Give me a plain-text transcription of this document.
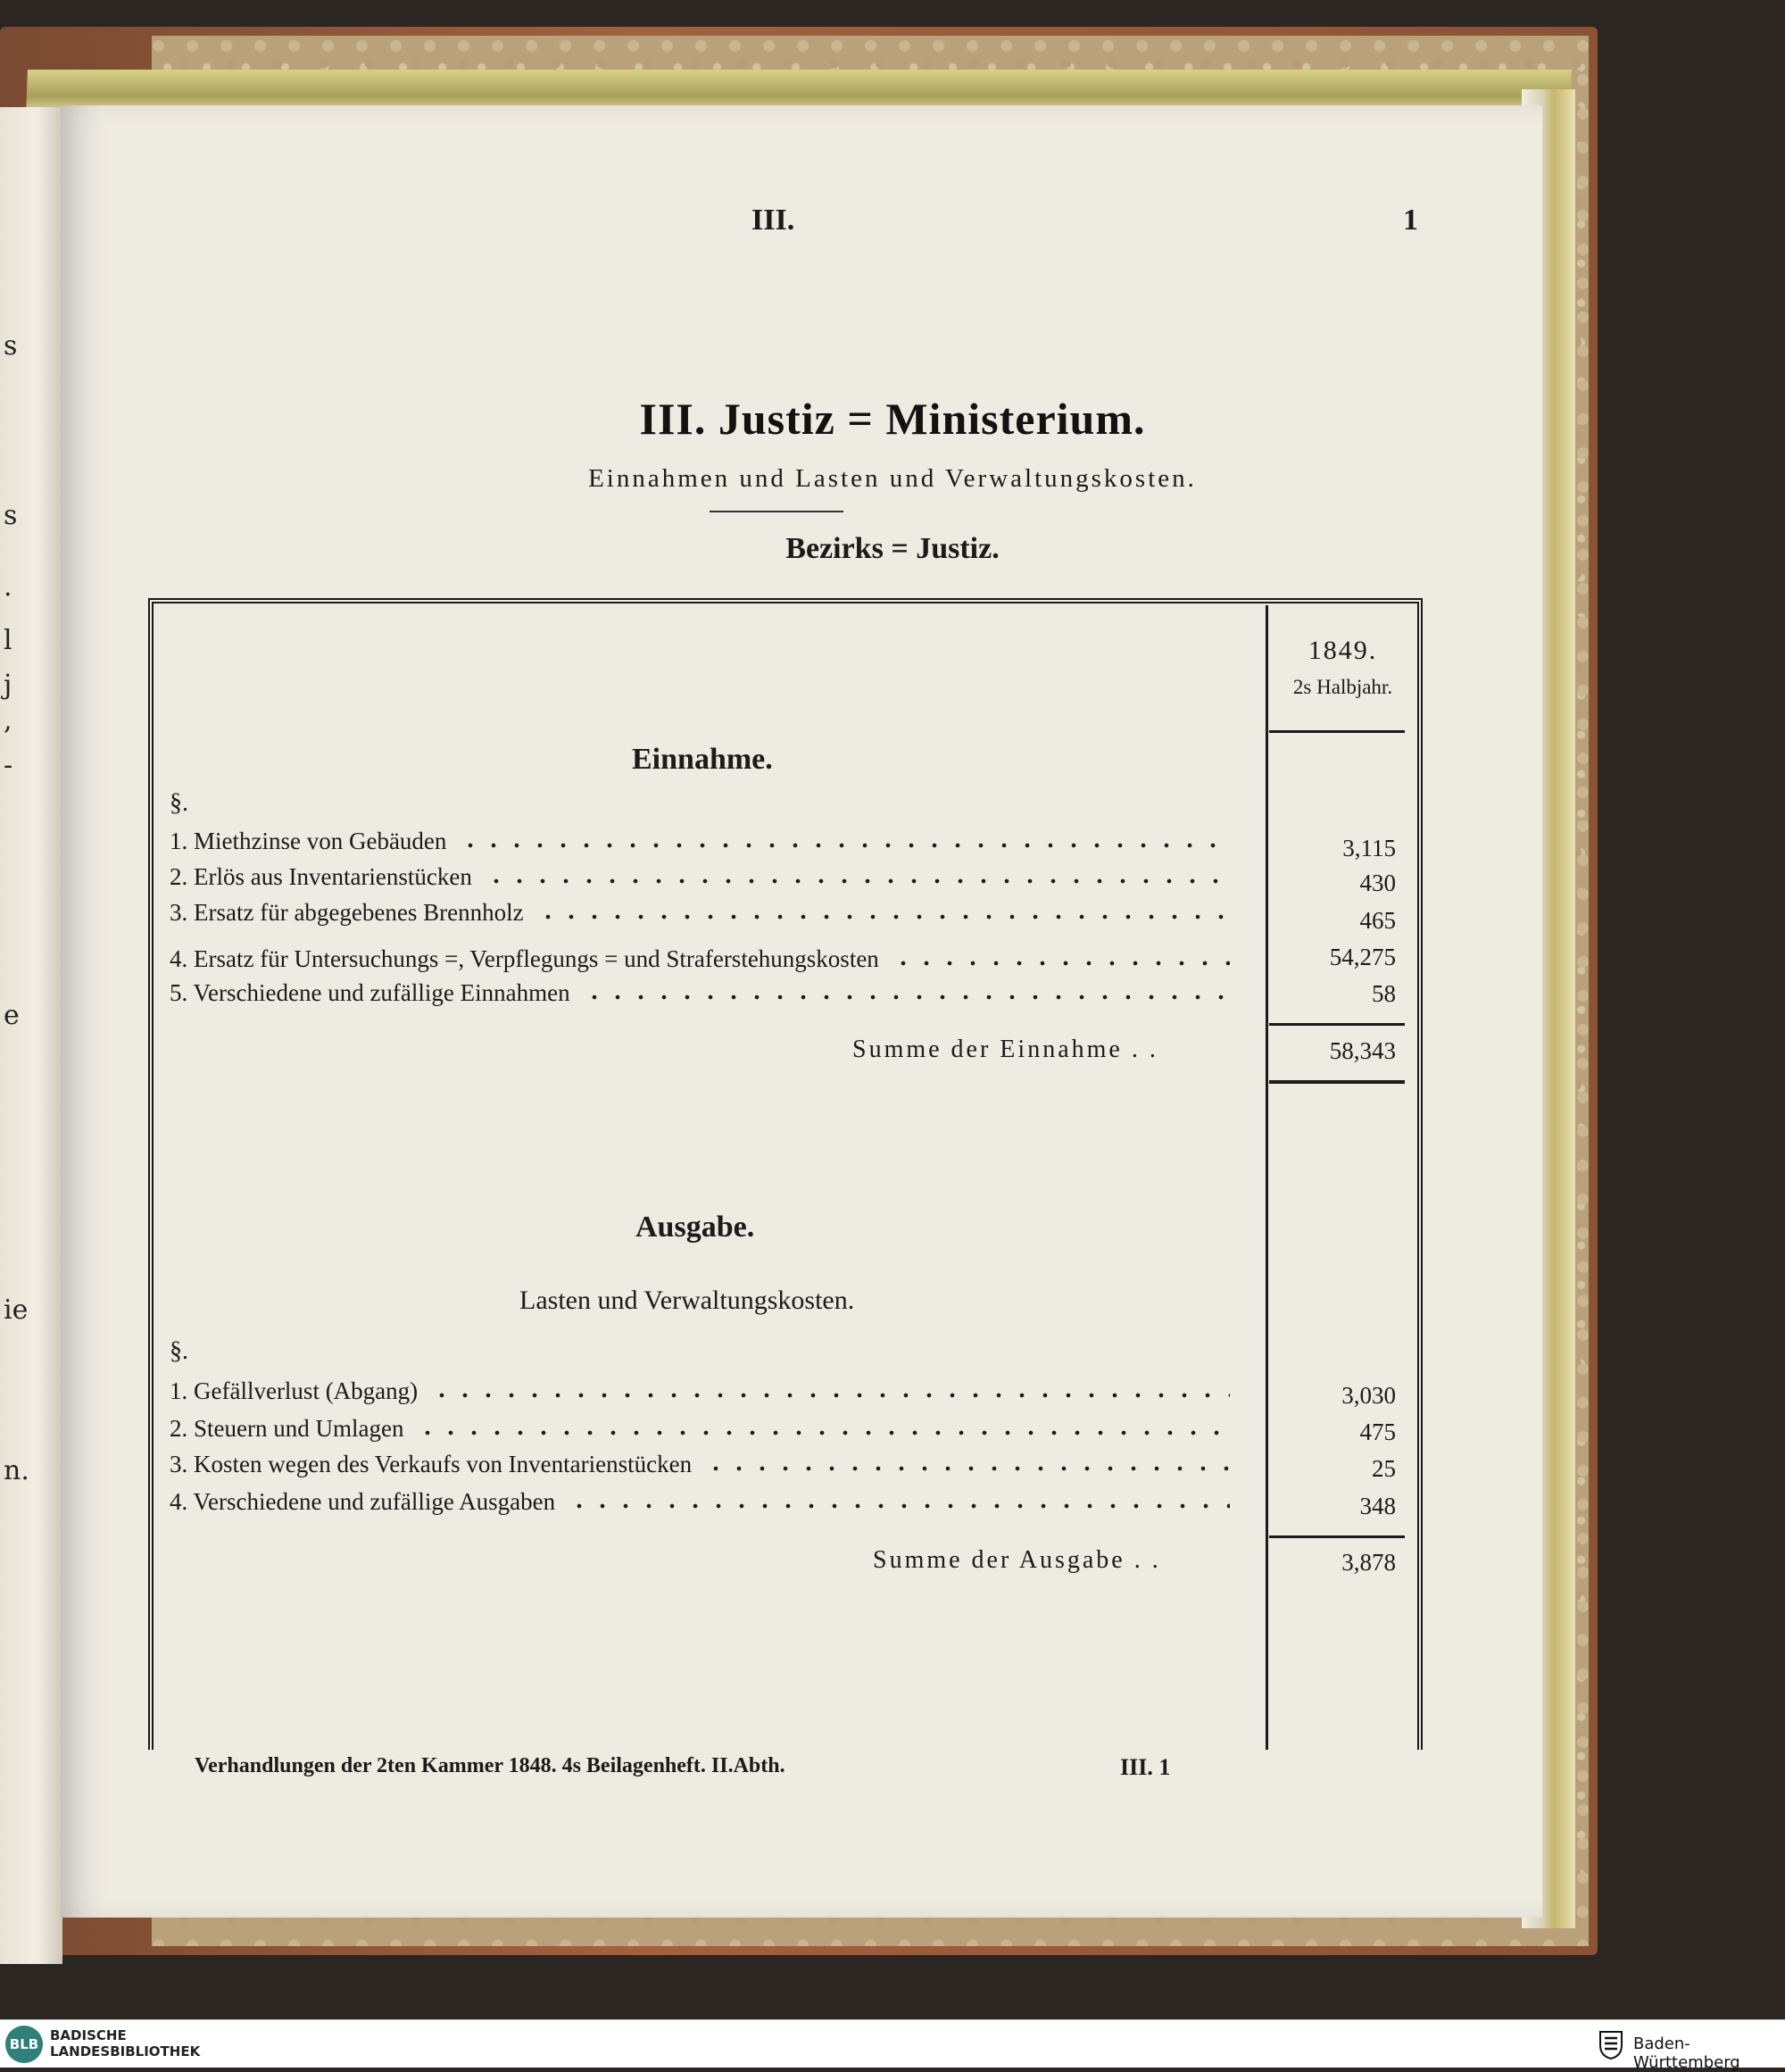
s
s
.
l
j
,
-
e
ie
n.
III.	1
III. Justiz = Ministerium.
Einnahmen und Lasten und Verwaltungskosten.
Bezirks = Justiz.
1849.
2s Halbjahr.
Einnahme.
§.
1. Miethzinse von Gebäuden	3,115
2. Erlös aus Inventarienstücken	430
3. Ersatz für abgegebenes Brennholz	465
4. Ersatz für Untersuchungs =, Verpflegungs = und Straferstehungskosten	54,275
5. Verschiedene und zufällige Einnahmen	58
Summe der Einnahme . .	58,343
Ausgabe.
Lasten und Verwaltungskosten.
§.
1. Gefällverlust (Abgang)	3,030
2. Steuern und Umlagen	475
3. Kosten wegen des Verkaufs von Inventarienstücken	25
4. Verschiedene und zufällige Ausgaben	348
Summe der Ausgabe . .	3,878
Verhandlungen der 2ten Kammer 1848. 4s Beilagenheft. II.Abth.	III. 1
BLB
BADISCHE
LANDESBIBLIOTHEK	Baden-Württemberg
